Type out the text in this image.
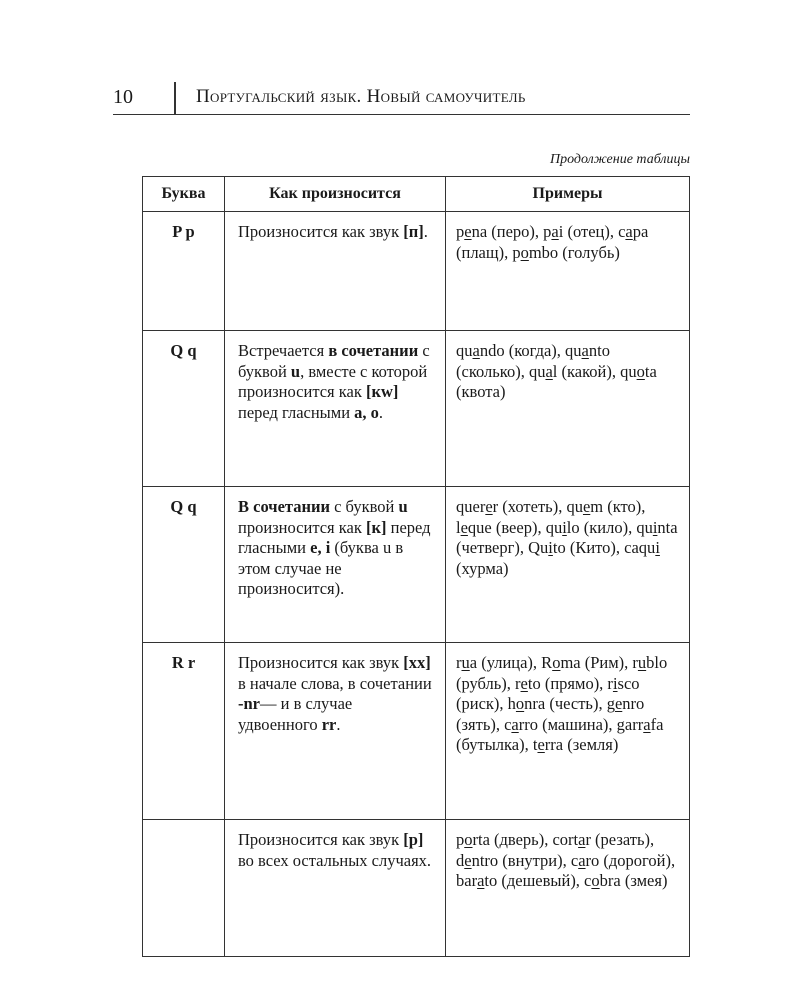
10	Португальский язык. Новый самоучитель
Продолжение таблицы
Буква	Как произносится	Примеры
P p	Произносится как звук [п].	pena (перо), pai (отец), capa (плащ), pombo (голубь)
Q q	Встречается в сочетании с буквой u, вместе с которой произносится как [кw] перед гласными a, o.	quando (когда), quanto (сколько), qual (какой), quota (квота)
Q q	В сочетании с буквой u произносится как [к] перед гласными e, i (буква u в этом случае не произносится).	querer (хотеть), quem (кто), leque (веер), quilo (кило), quinta (четверг), Quito (Кито), caqui (хурма)
R r	Произносится как звук [хх] в начале слова, в сочетании -nr— и в случае удвоенного rr.	rua (улица), Roma (Рим), rublo (рубль), reto (прямо), risco (риск), honra (честь), genro (зять), carro (машина), garrafa (бутылка), terra (земля)
	Произносится как звук [р] во всех остальных случаях.	porta (дверь), cortar (резать), dentro (внутри), caro (дорогой), barato (дешевый), cobra (змея)
